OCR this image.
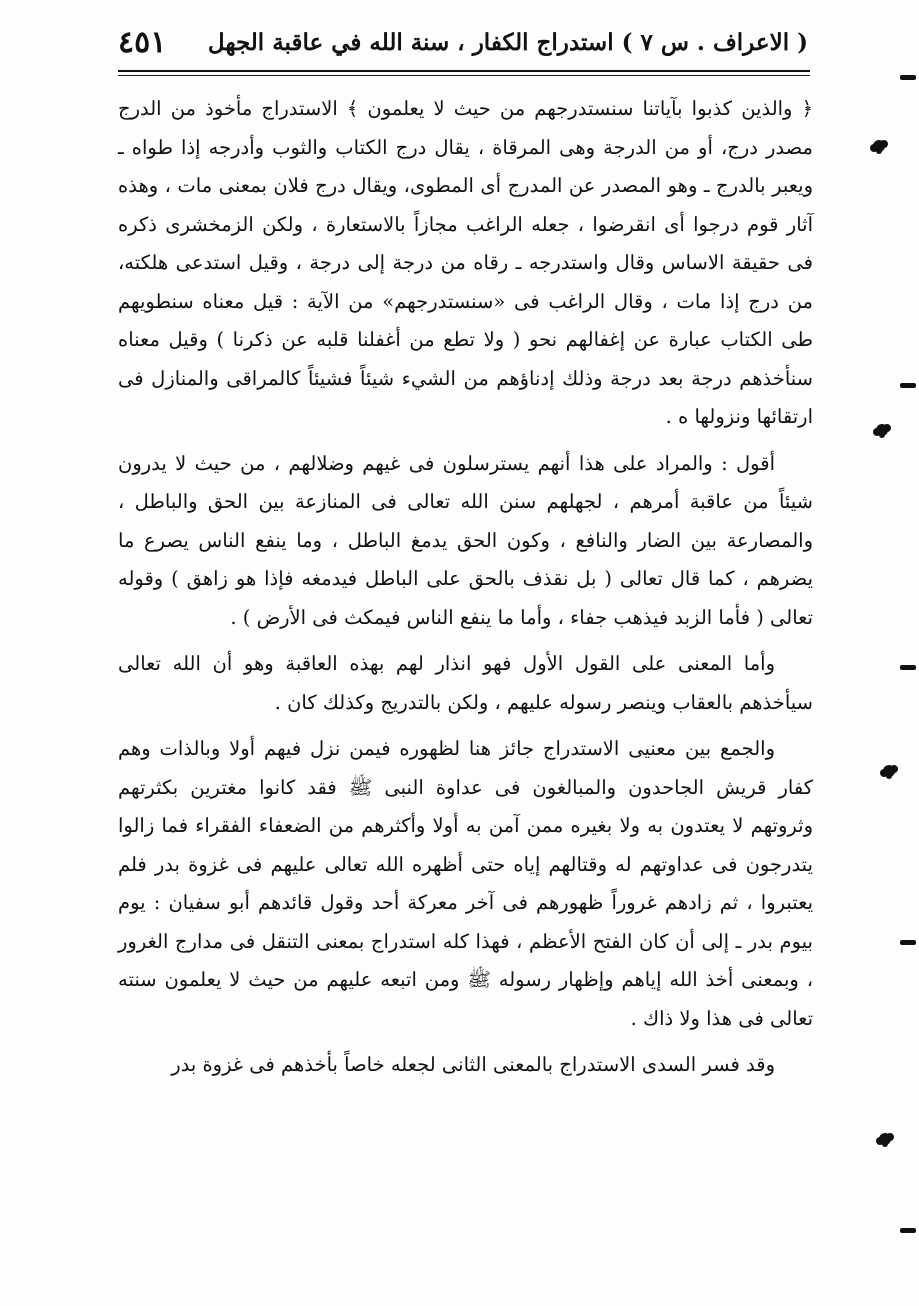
( الاعراف . س ٧ ) استدراج الكفار ، سنة الله في عاقبة الجهل
٤٥١

﴿ والذين كذبوا بآياتنا سنستدرجهم من حيث لا يعلمون ﴾ الاستدراج مأخوذ من الدرج مصدر درج، أو من الدرجة وهى المرقاة ، يقال درج الكتاب والثوب وأدرجه إذا طواه ـ ويعبر بالدرج ـ وهو المصدر عن المدرج أى المطوى، ويقال درج فلان بمعنى مات ، وهذه آثار قوم درجوا أى انقرضوا ، جعله الراغب مجازاً بالاستعارة ، ولكن الزمخشرى ذكره فى حقيقة الاساس وقال واستدرجه ـ رقاه من درجة إلى درجة ، وقيل استدعى هلكته، من درج إذا مات ، وقال الراغب فى «سنستدرجهم» من الآية : قيل معناه سنطويهم طى الكتاب عبارة عن إغفالهم نحو ( ولا تطع من أغفلنا قلبه عن ذكرنا ) وقيل معناه سنأخذهم درجة بعد درجة وذلك إدناؤهم من الشيء شيئاً فشيئاً كالمراقى والمنازل فى ارتقائها ونزولها ه .

أقول : والمراد على هذا أنهم يسترسلون فى غيهم وضلالهم ، من حيث لا يدرون شيئاً من عاقبة أمرهم ، لجهلهم سنن الله تعالى فى المنازعة بين الحق والباطل ، والمصارعة بين الضار والنافع ، وكون الحق يدمغ الباطل ، وما ينفع الناس يصرع ما يضرهم ، كما قال تعالى ( بل نقذف بالحق على الباطل فيدمغه فإذا هو زاهق ) وقوله تعالى ( فأما الزبد فيذهب جفاء ، وأما ما ينفع الناس فيمكث فى الأرض ) .

وأما المعنى على القول الأول فهو انذار لهم بهذه العاقبة وهو أن الله تعالى سيأخذهم بالعقاب وينصر رسوله عليهم ، ولكن بالتدريج وكذلك كان .

والجمع بين معنيى الاستدراج جائز هنا لظهوره فيمن نزل فيهم أولا وبالذات وهم كفار قريش الجاحدون والمبالغون فى عداوة النبى ﷺ فقد كانوا مغترين بكثرتهم وثروتهم لا يعتدون به ولا بغيره ممن آمن به أولا وأكثرهم من الضعفاء الفقراء فما زالوا يتدرجون فى عداوتهم له وقتالهم إياه حتى أظهره الله تعالى عليهم فى غزوة بدر فلم يعتبروا ، ثم زادهم غروراً ظهورهم فى آخر معركة أحد وقول قائدهم أبو سفيان : يوم بيوم بدر ـ إلى أن كان الفتح الأعظم ، فهذا كله استدراج بمعنى التنقل فى مدارج الغرور ، وبمعنى أخذ الله إياهم وإظهار رسوله ﷺ ومن اتبعه عليهم من حيث لا يعلمون سنته تعالى فى هذا ولا ذاك .

وقد فسر السدى الاستدراج بالمعنى الثانى لجعله خاصاً بأخذهم فى غزوة بدر
